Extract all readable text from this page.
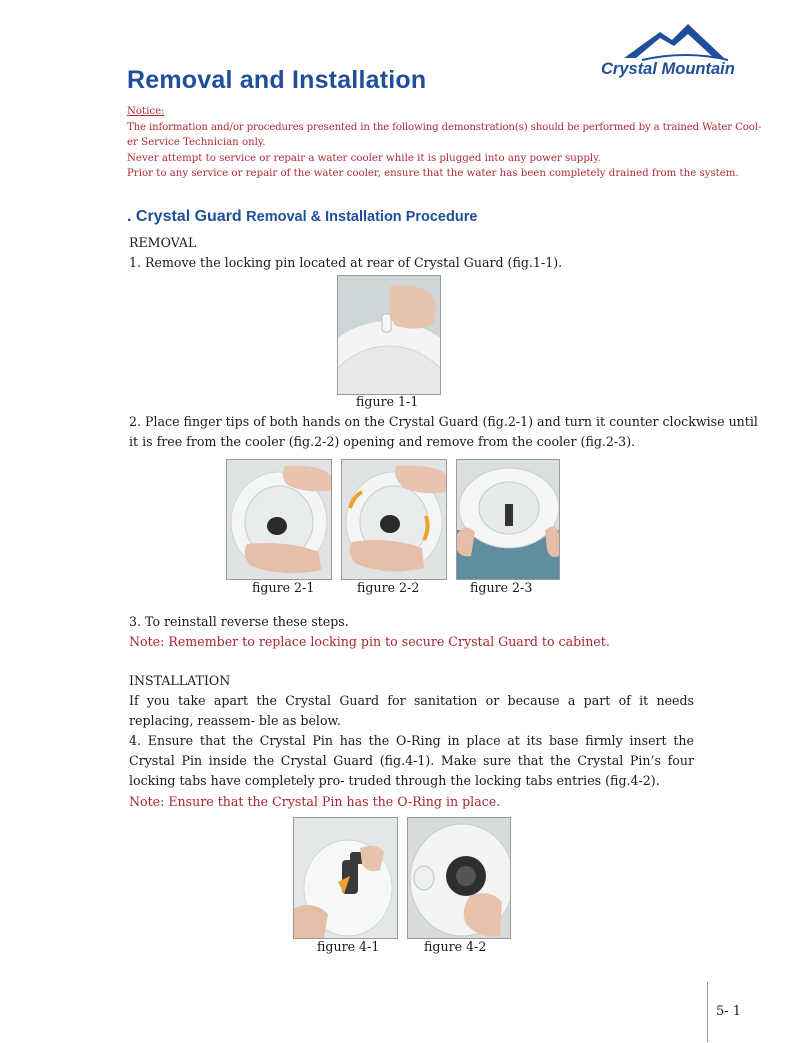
Removal and Installation	Crystal Mountain
Notice:
The information and/or procedures presented in the following demonstration(s) should be performed by a trained Water Cool-
er Service Technician only.
Never attempt to service or repair a water cooler while it is plugged into any power supply.
Prior to any service or repair of the water cooler, ensure that the water has been completely drained from the system.
. Crystal Guard Removal & Installation Procedure
REMOVAL
1. Remove the locking pin located at rear of Crystal Guard (fig.1-1).
figure 1-1
2. Place finger tips of both hands on the Crystal Guard (fig.2-1) and turn it counter clockwise until
it is free from the cooler (fig.2-2) opening and remove from the cooler (fig.2-3).
figure 2-1	figure 2-2	figure 2-3
3. To reinstall reverse these steps.
Note: Remember to replace locking pin to secure Crystal Guard to cabinet.
INSTALLATION
If you take apart the Crystal Guard for sanitation or because a part of it needs replacing, reassem- ble as below.
4. Ensure that the Crystal Pin has the O-Ring in place at its base firmly insert the Crystal Pin inside the Crystal Guard (fig.4-1). Make sure that the Crystal Pin’s four locking tabs have completely pro- truded through the locking tabs entries (fig.4-2).
Note: Ensure that the Crystal Pin has the O-Ring in place.
figure 4-1	figure 4-2
5- 1
